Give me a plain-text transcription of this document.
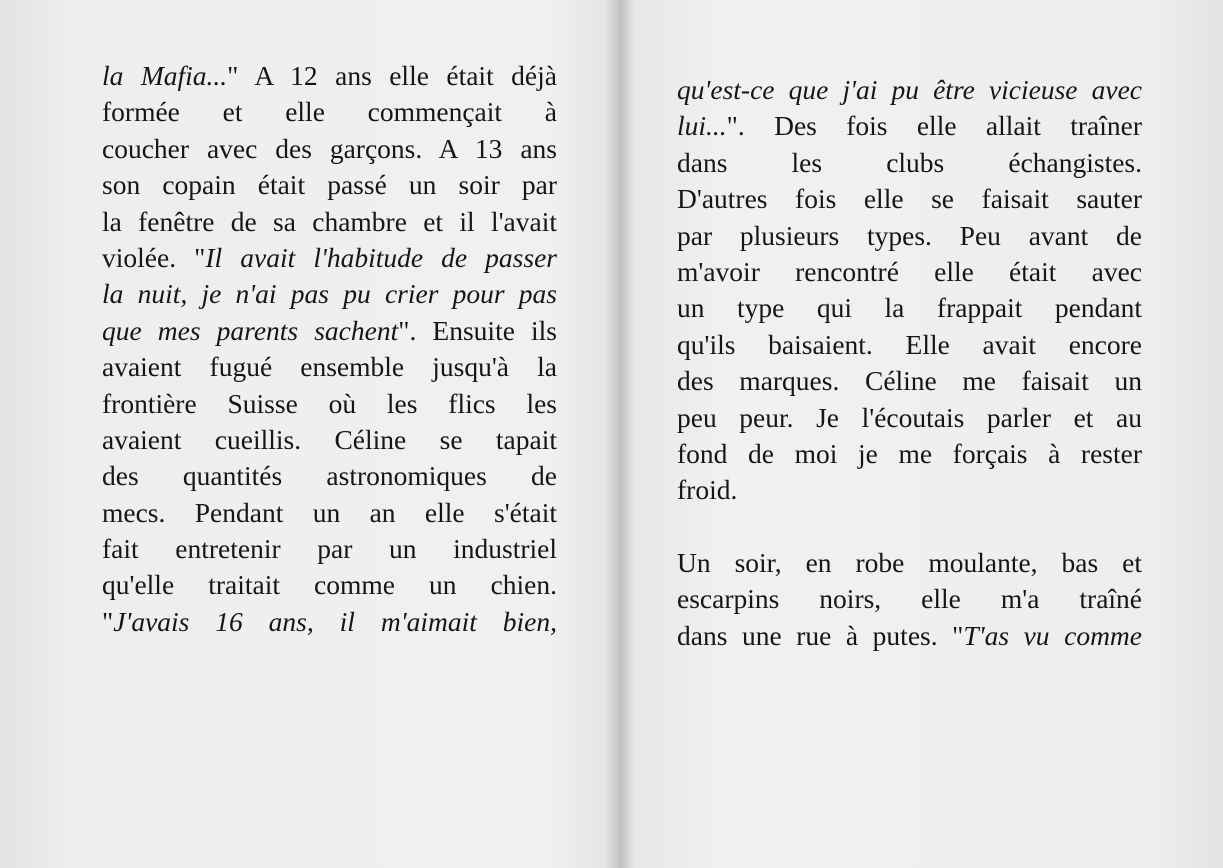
la Mafia..." A 12 ans elle était déjà
formée et elle commençait à
coucher avec des garçons. A 13 ans
son copain était passé un soir par
la fenêtre de sa chambre et il l'avait
violée. "Il avait l'habitude de passer
la nuit, je n'ai pas pu crier pour pas
que mes parents sachent". Ensuite ils
avaient fugué ensemble jusqu'à la
frontière Suisse où les flics les
avaient cueillis. Céline se tapait
des quantités astronomiques de
mecs. Pendant un an elle s'était
fait entretenir par un industriel
qu'elle traitait comme un chien.
"J'avais 16 ans, il m'aimait bien,
qu'est-ce que j'ai pu être vicieuse avec
lui...". Des fois elle allait traîner
dans les clubs échangistes.
D'autres fois elle se faisait sauter
par plusieurs types. Peu avant de
m'avoir rencontré elle était avec
un type qui la frappait pendant
qu'ils baisaient. Elle avait encore
des marques. Céline me faisait un
peu peur. Je l'écoutais parler et au
fond de moi je me forçais à rester
froid.
Un soir, en robe moulante, bas et
escarpins noirs, elle m'a traîné
dans une rue à putes. "T'as vu comme
